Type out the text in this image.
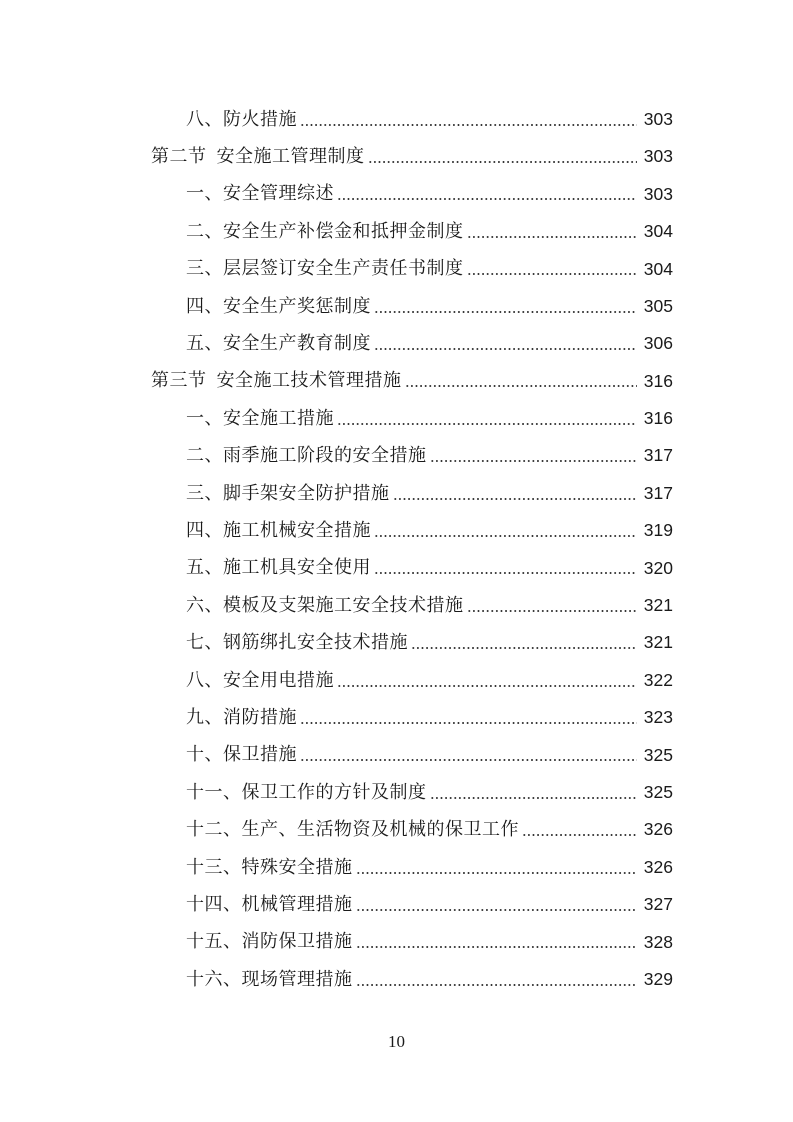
八、防火措施	303
第二节 安全施工管理制度	303
一、安全管理综述	303
二、安全生产补偿金和抵押金制度	304
三、层层签订安全生产责任书制度	304
四、安全生产奖惩制度	305
五、安全生产教育制度	306
第三节 安全施工技术管理措施	316
一、安全施工措施	316
二、雨季施工阶段的安全措施	317
三、脚手架安全防护措施	317
四、施工机械安全措施	319
五、施工机具安全使用	320
六、模板及支架施工安全技术措施	321
七、钢筋绑扎安全技术措施	321
八、安全用电措施	322
九、消防措施	323
十、保卫措施	325
十一、保卫工作的方针及制度	325
十二、生产、生活物资及机械的保卫工作	326
十三、特殊安全措施	326
十四、机械管理措施	327
十五、消防保卫措施	328
十六、现场管理措施	329
10
